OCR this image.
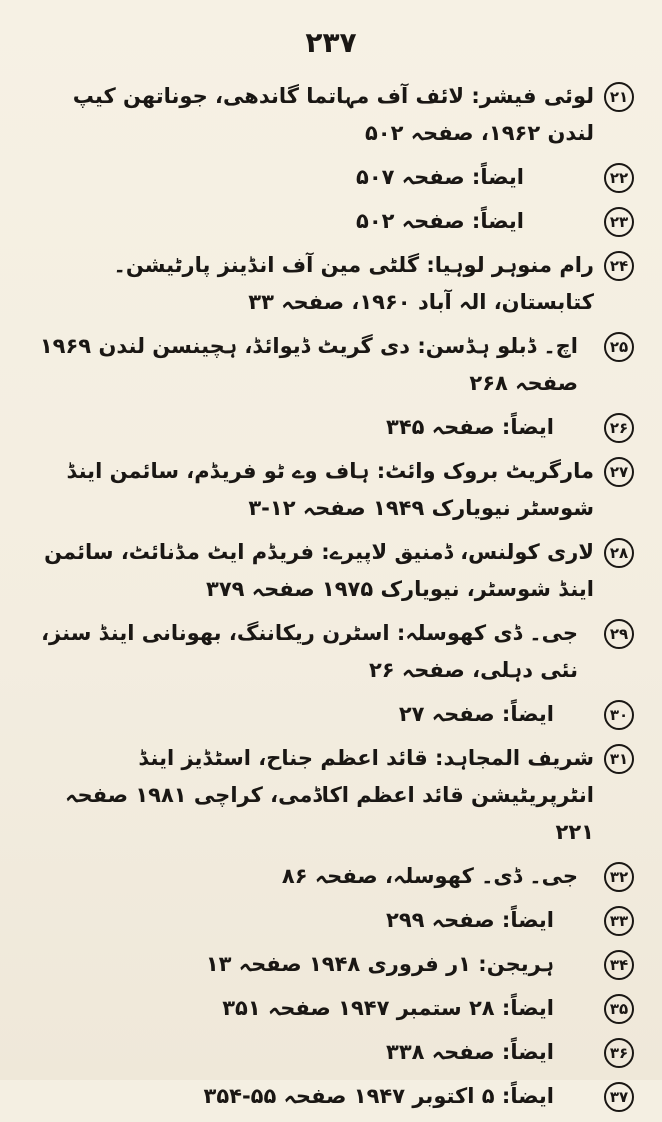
۲۳۷
۲۱
لوئی فیشر: لائف آف مہاتما گاندھی، جوناتھن کیپ لندن ۱۹۶۲، صفحہ ۵۰۲
۲۲
ایضاً: صفحہ ۵۰۷
۲۳
ایضاً: صفحہ ۵۰۲
۲۴
رام منوہر لوہیا: گلٹی مین آف انڈینز پارٹیشن۔ کتابستان، الہ آباد ۱۹۶۰، صفحہ ۳۳
۲۵
اچ۔ ڈبلو ہڈسن: دی گریٹ ڈیوائڈ، ہچینسن لندن ۱۹۶۹ صفحہ ۲۶۸
۲۶
ایضاً: صفحہ ۳۴۵
۲۷
مارگریٹ بروک وائٹ: ہاف وے ٹو فریڈم، سائمن اینڈ شوسٹر نیویارک ۱۹۴۹ صفحہ ۱۲-۳
۲۸
لاری کولنس، ڈمنیق لاپیرے: فریڈم ایٹ مڈنائٹ، سائمن اینڈ شوسٹر، نیویارک ۱۹۷۵ صفحہ ۳۷۹
۲۹
جی۔ ڈی کھوسلہ: اسٹرن ریکاننگ، بھونانی اینڈ سنز، نئی دہلی، صفحہ ۲۶
۳۰
ایضاً: صفحہ ۲۷
۳۱
شریف المجاہد: قائد اعظم جناح، اسٹڈیز اینڈ انٹرپریٹیشن قائد اعظم اکاڈمی، کراچی ۱۹۸۱ صفحہ ۲۲۱
۳۲
جی۔ ڈی۔ کھوسلہ، صفحہ ۸۶
۳۳
ایضاً: صفحہ ۲۹۹
۳۴
ہریجن: ۱ر فروری ۱۹۴۸ صفحہ ۱۳
۳۵
ایضاً: ۲۸ ستمبر ۱۹۴۷ صفحہ ۳۵۱
۳۶
ایضاً: صفحہ ۳۳۸
۳۷
ایضاً: ۵ اکتوبر ۱۹۴۷ صفحہ ۵۵-۳۵۴
